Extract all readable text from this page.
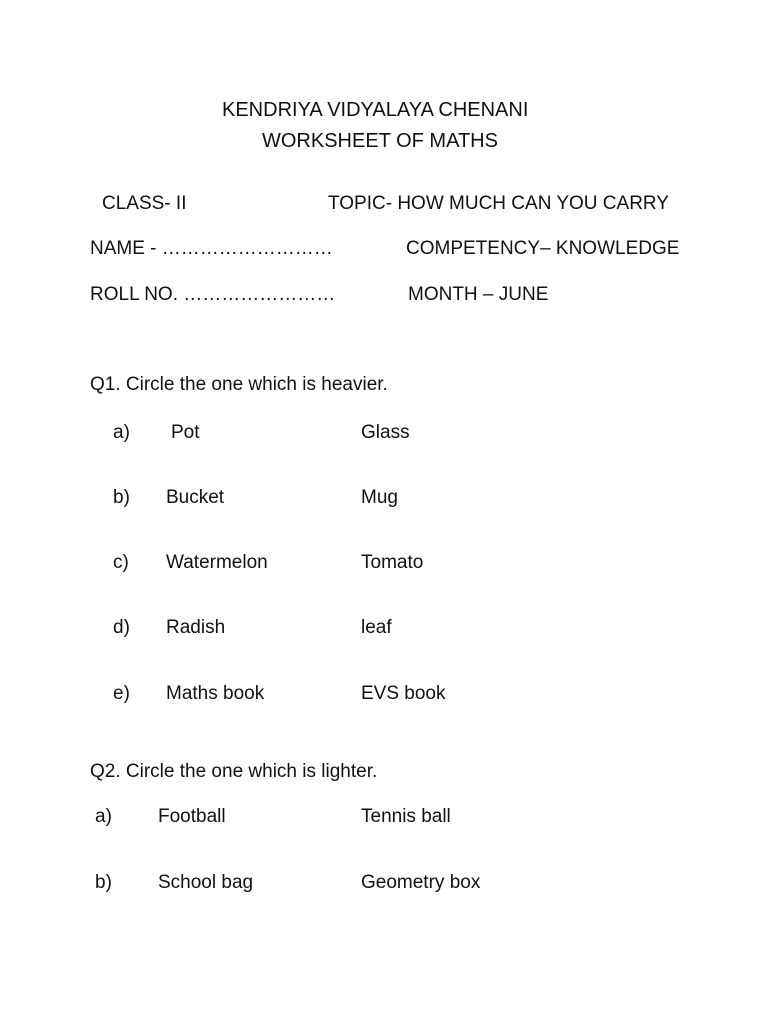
KENDRIYA VIDYALAYA CHENANI
WORKSHEET OF MATHS
CLASS- II	TOPIC- HOW MUCH CAN YOU CARRY
NAME - ………………………	COMPETENCY– KNOWLEDGE
ROLL NO. ……………………	MONTH – JUNE
Q1. Circle the one which is heavier.
a) Pot	Glass
b) Bucket	Mug
c) Watermelon	Tomato
d) Radish	leaf
e) Maths book	EVS book
Q2. Circle the one which is lighter.
a) Football	Tennis ball
b) School bag	Geometry box
